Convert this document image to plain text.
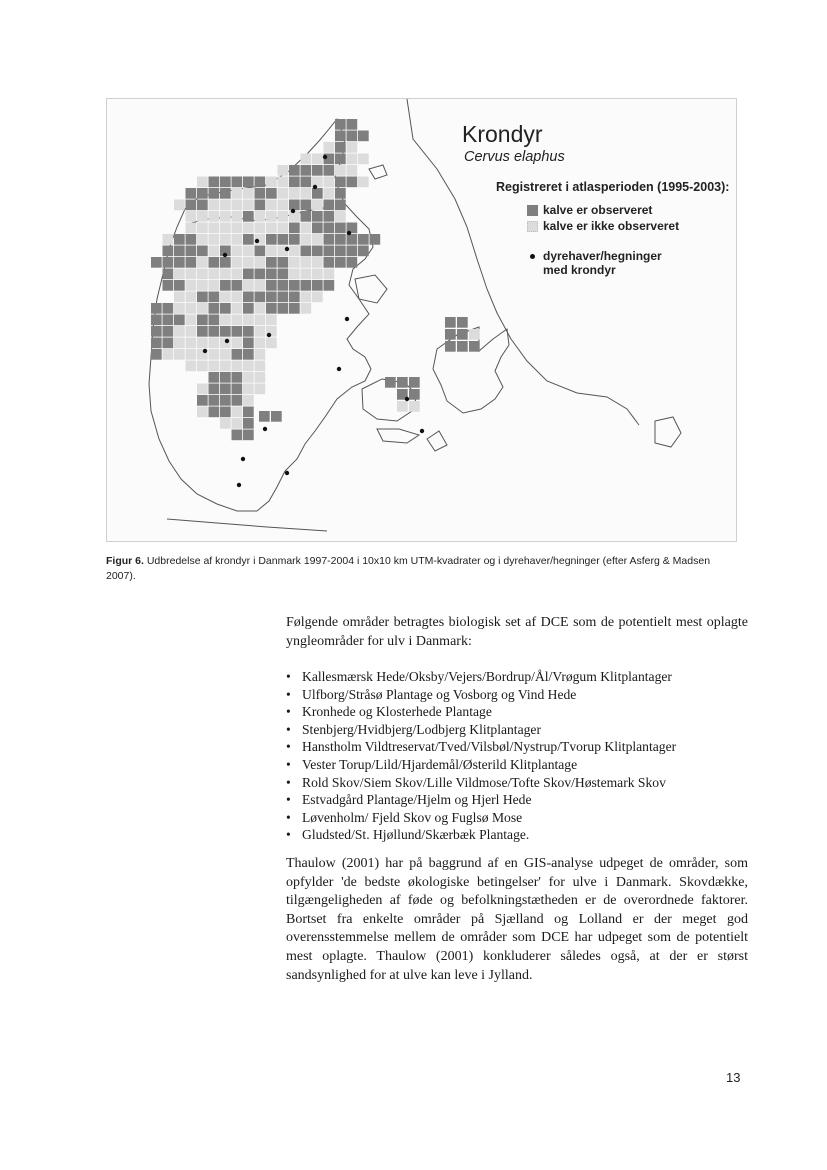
Krondyr
Cervus elaphus
Registreret i atlasperioden (1995-2003):
kalve er observeret
kalve er ikke observeret
dyrehaver/hegninger med krondyr
Figur 6. Udbredelse af krondyr i Danmark 1997-2004 i 10x10 km UTM-kvadrater og i dyrehaver/hegninger (efter Asferg & Madsen 2007).
Følgende områder betragtes biologisk set af DCE som de potentielt mest oplagte yngleområder for ulv i Danmark:
• Kallesmærsk Hede/Oksby/Vejers/Bordrup/Ål/Vrøgum Klitplantager
• Ulfborg/Stråsø Plantage og Vosborg og Vind Hede
• Kronhede og Klosterhede Plantage
• Stenbjerg/Hvidbjerg/Lodbjerg Klitplantager
• Hanstholm Vildtreservat/Tved/Vilsbøl/Nystrup/Tvorup Klitplantager
• Vester Torup/Lild/Hjardemål/Østerild Klitplantage
• Rold Skov/Siem Skov/Lille Vildmose/Tofte Skov/Høstemark Skov
• Estvadgård Plantage/Hjelm og Hjerl Hede
• Løvenholm/ Fjeld Skov og Fuglsø Mose
• Gludsted/St. Hjøllund/Skærbæk Plantage.
Thaulow (2001) har på baggrund af en GIS-analyse udpeget de områder, som opfylder 'de bedste økologiske betingelser' for ulve i Danmark. Skovdække, tilgængeligheden af føde og befolkningstætheden er de overordnede faktorer. Bortset fra enkelte områder på Sjælland og Lolland er der meget god overensstemmelse mellem de områder som DCE har udpeget som de potentielt mest oplagte. Thaulow (2001) konkluderer således også, at der er størst sandsynlighed for at ulve kan leve i Jylland.
13
